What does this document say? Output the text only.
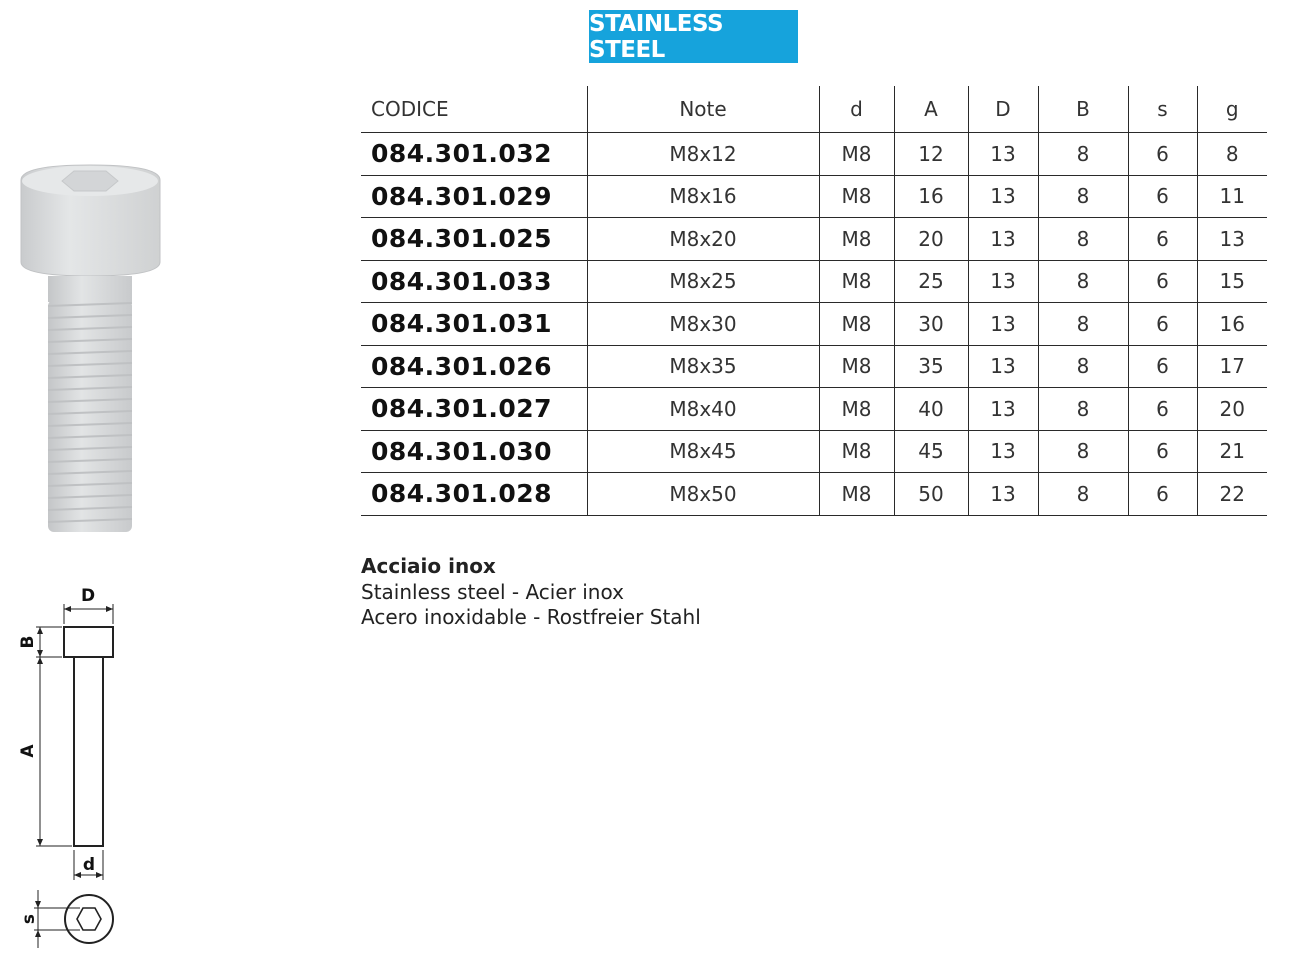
STAINLESS STEEL
D
B
A
d
s
CODICE	Note	d	A	D	B	s	g
084.301.032	M8x12	M8	12	13	8	6	8
084.301.029	M8x16	M8	16	13	8	6	11
084.301.025	M8x20	M8	20	13	8	6	13
084.301.033	M8x25	M8	25	13	8	6	15
084.301.031	M8x30	M8	30	13	8	6	16
084.301.026	M8x35	M8	35	13	8	6	17
084.301.027	M8x40	M8	40	13	8	6	20
084.301.030	M8x45	M8	45	13	8	6	21
084.301.028	M8x50	M8	50	13	8	6	22
Acciaio inox
Stainless steel - Acier inox
Acero inoxidable - Rostfreier Stahl
